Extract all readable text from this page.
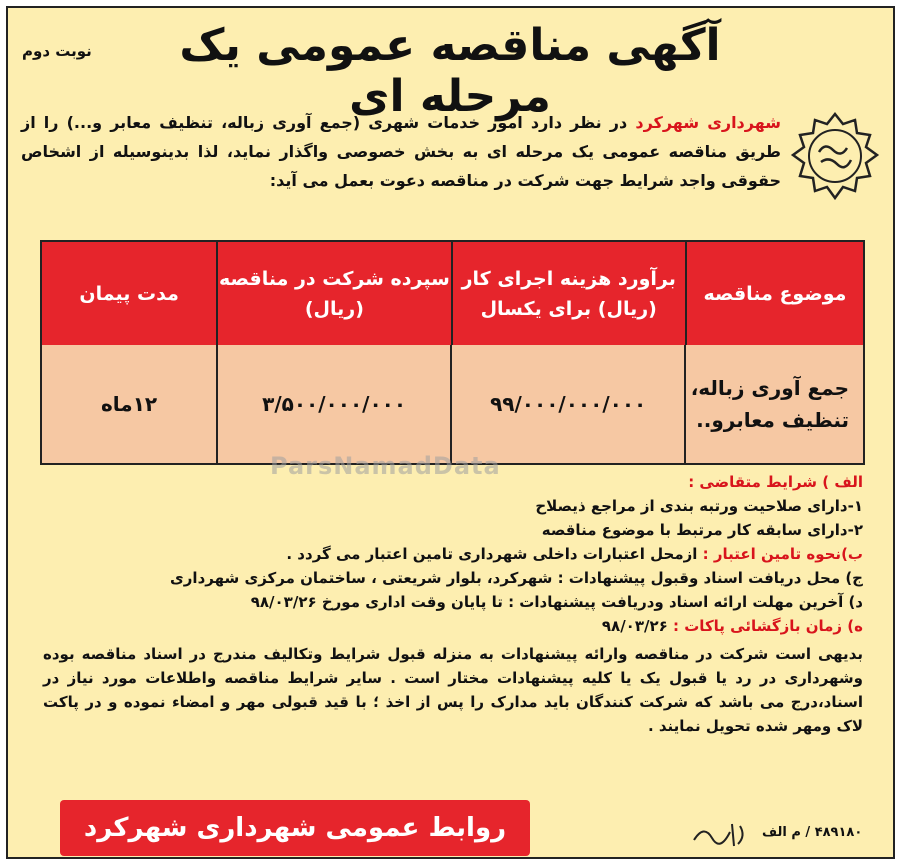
نوبت دوم	آگهی مناقصه عمومی یک مرحله ای
شهرداری شهرکرد در نظر دارد امور خدمات شهری (جمع آوری زباله، تنظیف معابر و...) را از طریق مناقصه عمومی یک مرحله ای به بخش خصوصی واگذار نماید، لذا بدینوسیله از اشخاص حقوقی واجد شرایط جهت شرکت در مناقصه دعوت بعمل می آید:
موضوع مناقصه
برآورد هزینه اجرای کار (ریال) برای یکسال
سپرده شرکت در مناقصه (ریال)
مدت پیمان
جمع آوری زباله، تنظیف معابرو..
۹۹/۰۰۰/۰۰۰/۰۰۰
۳/۵۰۰/۰۰۰/۰۰۰
۱۲ماه
ParsNamadData
الف ) شرایط متقاضی :
۱-دارای صلاحیت ورتبه بندی از مراجع ذیصلاح
۲-دارای سابقه کار مرتبط با موضوع مناقصه
ب)نحوه تامین اعتبار : ازمحل اعتبارات داخلی شهرداری تامین اعتبار می گردد .
ج) محل دریافت اسناد وقبول پیشنهادات : شهرکرد، بلوار شریعتی ، ساختمان مرکزی شهرداری
د) آخرین مهلت ارائه اسناد ودریافت پیشنهادات : تا پایان وقت اداری مورخ ۹۸/۰۳/۲۶
ه) زمان بازگشائی پاکات : ۹۸/۰۳/۲۶
بدیهی است شرکت در مناقصه وارائه پیشنهادات به منزله قبول شرایط وتکالیف مندرج در اسناد مناقصه بوده وشهرداری در رد یا قبول یک یا کلیه پیشنهادات مختار است . سایر شرایط مناقصه واطلاعات مورد نیاز در اسناد،درج می باشد که شرکت کنندگان باید مدارک را پس از اخذ ؛ با قید قبولی مهر و امضاء نموده و در پاکت لاک ومهر شده تحویل نمایند .
روابط عمومی شهرداری شهرکرد	۴۸۹۱۸۰ / م الف
